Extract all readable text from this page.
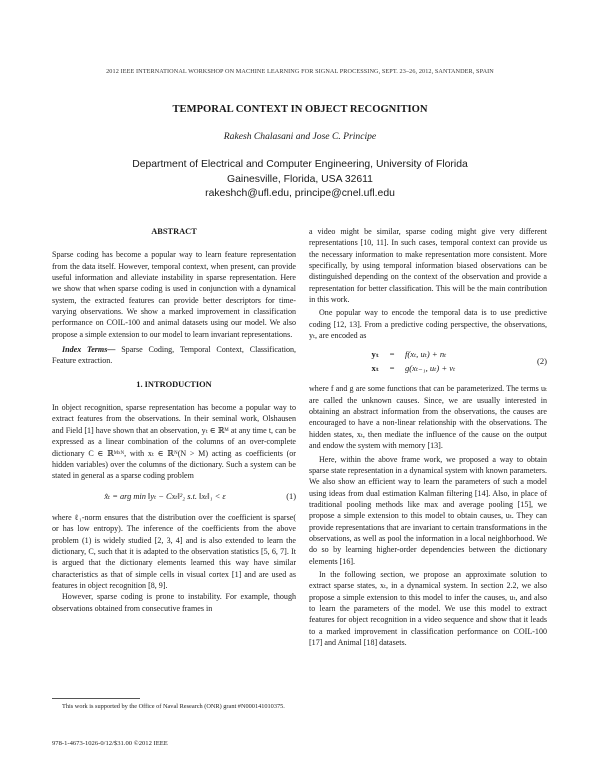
2012 IEEE INTERNATIONAL WORKSHOP ON MACHINE LEARNING FOR SIGNAL PROCESSING, SEPT. 23–26, 2012, SANTANDER, SPAIN
TEMPORAL CONTEXT IN OBJECT RECOGNITION
Rakesh Chalasani and Jose C. Principe
Department of Electrical and Computer Engineering, University of Florida
Gainesville, Florida, USA 32611
rakeshch@ufl.edu, principe@cnel.ufl.edu
ABSTRACT

Sparse coding has become a popular way to learn feature representation from the data itself. However, temporal context, when present, can provide useful information and alleviate instability in sparse representation. Here we show that when sparse coding is used in conjunction with a dynamical system, the extracted features can provide better descriptors for time-varying observations. We show a marked improvement in classification performance on COIL-100 and animal datasets using our model. We also propose a simple extension to our model to learn invariant representations.

Index Terms— Sparse Coding, Temporal Context, Classification, Feature extraction.

1. INTRODUCTION

In object recognition, sparse representation has become a popular way to extract features from the observations. In their seminal work, Olshausen and Field [1] have shown that an observation, yₜ ∈ ℝᴹ at any time t, can be expressed as a linear combination of the columns of an over-complete dictionary C ∈ ℝᴹˣᴺ, with xₜ ∈ ℝᴺ(N > M) acting as coefficients (or hidden variables) over the columns of the dictionary. Such a system can be stated in general as a sparse coding problem

x̂ₜ = arg min ‖yₜ − Cxₜ‖²₂ s.t. ‖xₜ‖₁ < ε	(1)

where ℓ₁-norm ensures that the distribution over the coefficient is sparse( or has low entropy). The inference of the coefficients from the above problem (1) is widely studied [2, 3, 4] and is also extended to learn the dictionary, C, such that it is adapted to the observation statistics [5, 6, 7]. It is argued that the dictionary elements learned this way have similar characteristics as that of simple cells in visual cortex [1] and are used as features in object recognition [8, 9].

However, sparse coding is prone to instability. For example, though observations obtained from consecutive frames in

a video might be similar, sparse coding might give very different representations [10, 11]. In such cases, temporal context can provide us the necessary information to make representation more consistent. More specifically, by using temporal information biased observations can be distinguished depending on the context of the observation and provide a representation for better classification. This will be the main contribution in this work.

One popular way to encode the temporal data is to use predictive coding [12, 13]. From a predictive coding perspective, the observations, yₜ, are encoded as

yₜ	=	f(xₜ, uₜ) + nₜ
xₜ	=	g(xₜ₋₁, uₜ) + vₜ
(2)

where f and g are some functions that can be parameterized. The terms uₜ are called the unknown causes. Since, we are usually interested in obtaining an abstract information from the observations, the causes are encouraged to have a non-linear relationship with the observations. The hidden states, xₜ, then mediate the influence of the cause on the output and endow the system with memory [13].

Here, within the above frame work, we proposed a way to obtain sparse state representation in a dynamical system with known parameters. We also show an efficient way to learn the parameters of such a model using ideas from dual estimation Kalman filtering [14]. Also, in place of traditional pooling methods like max and average pooling [15], we propose a simple extension to this model to obtain causes, uₜ. They can provide representations that are invariant to certain transformations in the observations, as well as pool the information in a local neighborhood. We do so by learning higher-order dependencies between the dictionary elements [16].

In the following section, we propose an approximate solution to extract sparse states, xₜ, in a dynamical system. In section 2.2, we also propose a simple extension to this model to infer the causes, uₜ, and also to learn the parameters of the model. We use this model to extract features for object recognition in a video sequence and show that it leads to a marked improvement in classification performance on COIL-100 [17] and Animal [18] datasets.

This work is supported by the Office of Naval Research (ONR) grant #N000141010375.

978-1-4673-1026-0/12/$31.00 ©2012 IEEE
